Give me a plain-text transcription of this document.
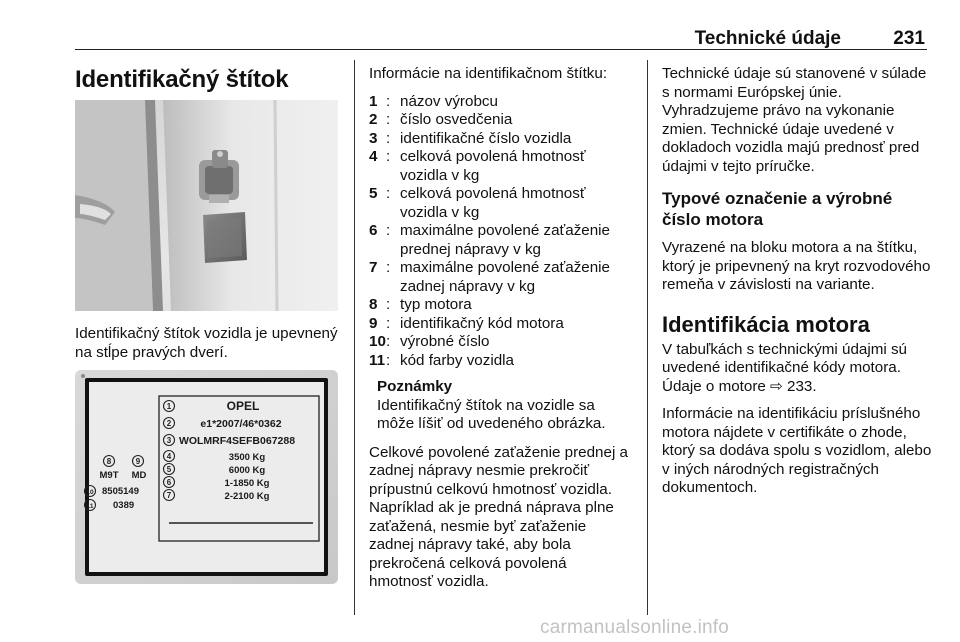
Technické údaje	231
Identifikačný štítok

Identifikačný štítok vozidla je upevnený na stĺpe pravých dverí.

1
2
3
4
5
6
7
OPEL
e1*2007/46*0362
WOLMRF4SEFB067288
3500 Kg
6000 Kg
1-1850 Kg
2-2100 Kg
8	9
M9T MD
10
11
8505149
0389

Informácie na identifikačnom štítku:

1 : názov výrobcu
2 : číslo osvedčenia
3 : identifikačné číslo vozidla
4 : celková povolená hmotnosť vozidla v kg
5 : celková povolená hmotnosť vozidla v kg
6 : maximálne povolené zaťaženie prednej nápravy v kg
7 : maximálne povolené zaťaženie zadnej nápravy v kg
8 : typ motora
9 : identifikačný kód motora
10 : výrobné číslo
11 : kód farby vozidla
Poznámky

Identifikačný štítok na vozidle sa môže líšiť od uvedeného obrázka.

Celkové povolené zaťaženie prednej a zadnej nápravy nesmie prekročiť prípustnú celkovú hmotnosť vozidla. Napríklad ak je predná náprava plne zaťažená, nesmie byť zaťaženie zadnej nápravy také, aby bola prekročená celková povolená hmotnosť vozidla.

Technické údaje sú stanovené v súlade s normami Európskej únie. Vyhradzujeme právo na vykonanie zmien. Technické údaje uvedené v dokladoch vozidla majú prednosť pred údajmi v tejto príručke.

Typové označenie a výrobné číslo motora

Vyrazené na bloku motora a na štítku, ktorý je pripevnený na kryt rozvodového remeňa v závislosti na variante.

Identifikácia motora

V tabuľkách s technickými údajmi sú uvedené identifikačné kódy motora. Údaje o motore ⇨ 233.

Informácie na identifikáciu príslušného motora nájdete v certifikáte o zhode, ktorý sa dodáva spolu s vozidlom, alebo v iných národných registračných dokumentoch.

carmanualsonline.info
